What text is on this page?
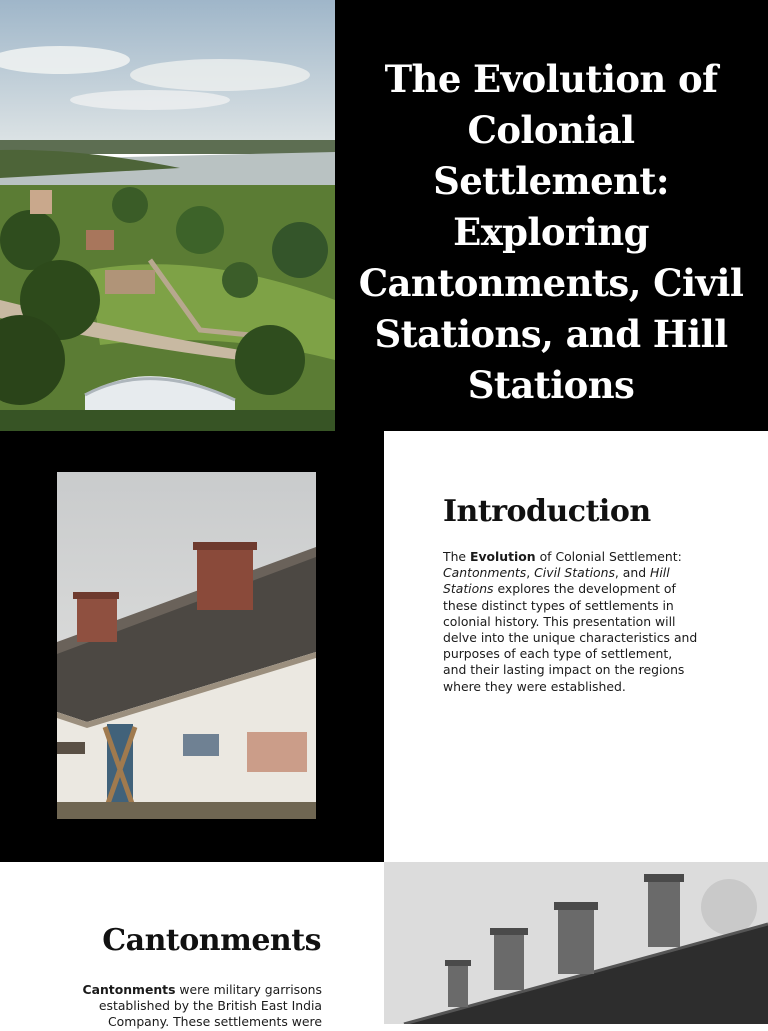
The Evolution of Colonial Settlement: Exploring Cantonments, Civil Stations, and Hill Stations
Introduction

The Evolution of Colonial Settlement: Cantonments, Civil Stations, and Hill Stations explores the development of these distinct types of settlements in colonial history. This presentation will delve into the unique characteristics and purposes of each type of settlement, and their lasting impact on the regions where they were established.

Cantonments

Cantonments were military garrisons established by the British East India Company. These settlements were
